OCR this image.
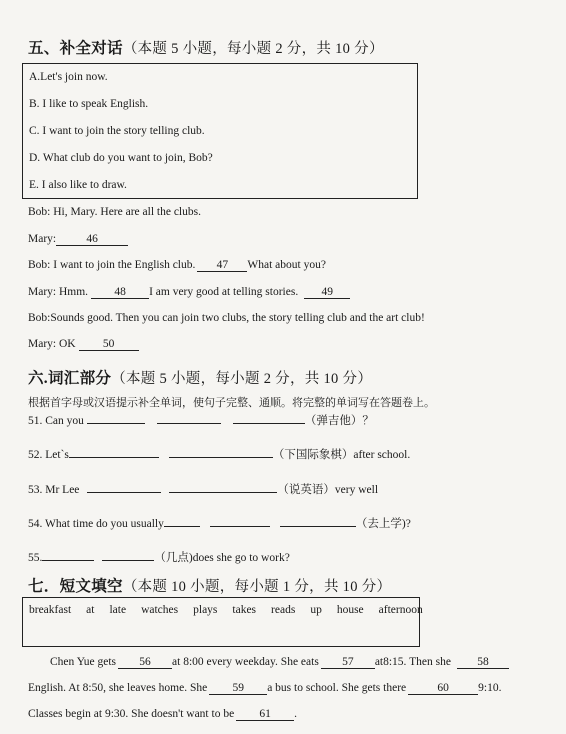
五、补全对话（本题 5 小题，每小题 2 分，共 10 分）
A.Let's join now.
B. I like to speak English.
C. I want to join the story telling club.
D. What club do you want to join, Bob?
E. I also like to draw.
Bob: Hi, Mary. Here are all the clubs.
Mary:	46
Bob: I want to join the English club. 47 What about you?
Mary: Hmm. 48 I am very good at telling stories. 49
Bob:Sounds good. Then you can join two clubs, the story telling club and the art club!
Mary: OK 50
六.词汇部分（本题 5 小题，每小题 2 分，共 10 分）
根据首字母或汉语提示补全单词，使句子完整、通顺。将完整的单词写在答题卷上。
51. Can you	（弹吉他）？
52. Let`s	（下国际象棋）after school.
53. Mr Lee	（说英语）very well
54. What time do you usually	（去上学)?
55.	（几点)does she go to work?
七．短文填空（本题 10 小题，每小题 1 分，共 10 分）
breakfast at late watches plays takes reads up house afternoon
Chen Yue gets 56 at 8:00 every weekday. She eats 57 at8:15. Then she 58
English. At 8:50, she leaves home. She 59 a bus to school. She gets there	60	9:10.
Classes begin at 9:30. She doesn't want to be 61 .
